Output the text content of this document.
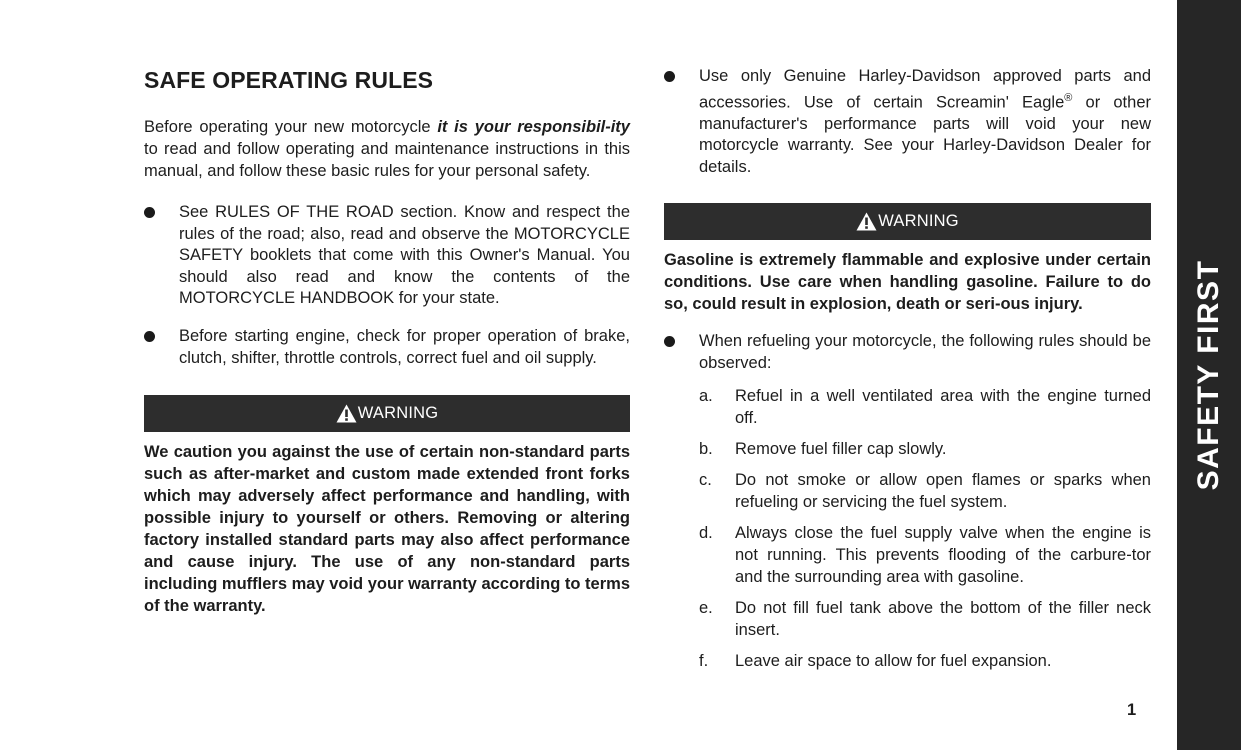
SAFE OPERATING RULES

Before operating your new motorcycle it is your responsibil-ity to read and follow operating and maintenance instructions in this manual, and follow these basic rules for your personal safety.

See RULES OF THE ROAD section. Know and respect the rules of the road; also, read and observe the MOTORCYCLE SAFETY booklets that come with this Owner's Manual. You should also read and know the contents of the MOTORCYCLE HANDBOOK for your state.
Before starting engine, check for proper operation of brake, clutch, shifter, throttle controls, correct fuel and oil supply.
WARNING

We caution you against the use of certain non-standard parts such as after-market and custom made extended front forks which may adversely affect performance and handling, with possible injury to yourself or others. Removing or altering factory installed standard parts may also affect performance and cause injury. The use of any non-standard parts including mufflers may void your warranty according to terms of the warranty.

Use only Genuine Harley-Davidson approved parts and accessories. Use of certain Screamin' Eagle® or other manufacturer's performance parts will void your new motorcycle warranty. See your Harley-Davidson Dealer for details.
WARNING

Gasoline is extremely flammable and explosive under certain conditions. Use care when handling gasoline. Failure to do so, could result in explosion, death or seri-ous injury.

When refueling your motorcycle, the following rules should be observed:
a. Refuel in a well ventilated area with the engine turned off.
b. Remove fuel filler cap slowly.
c. Do not smoke or allow open flames or sparks when refueling or servicing the fuel system.
d. Always close the fuel supply valve when the engine is not running. This prevents flooding of the carbure-tor and the surrounding area with gasoline.
e. Do not fill fuel tank above the bottom of the filler neck insert.
f. Leave air space to allow for fuel expansion.
1
SAFETY FIRST
